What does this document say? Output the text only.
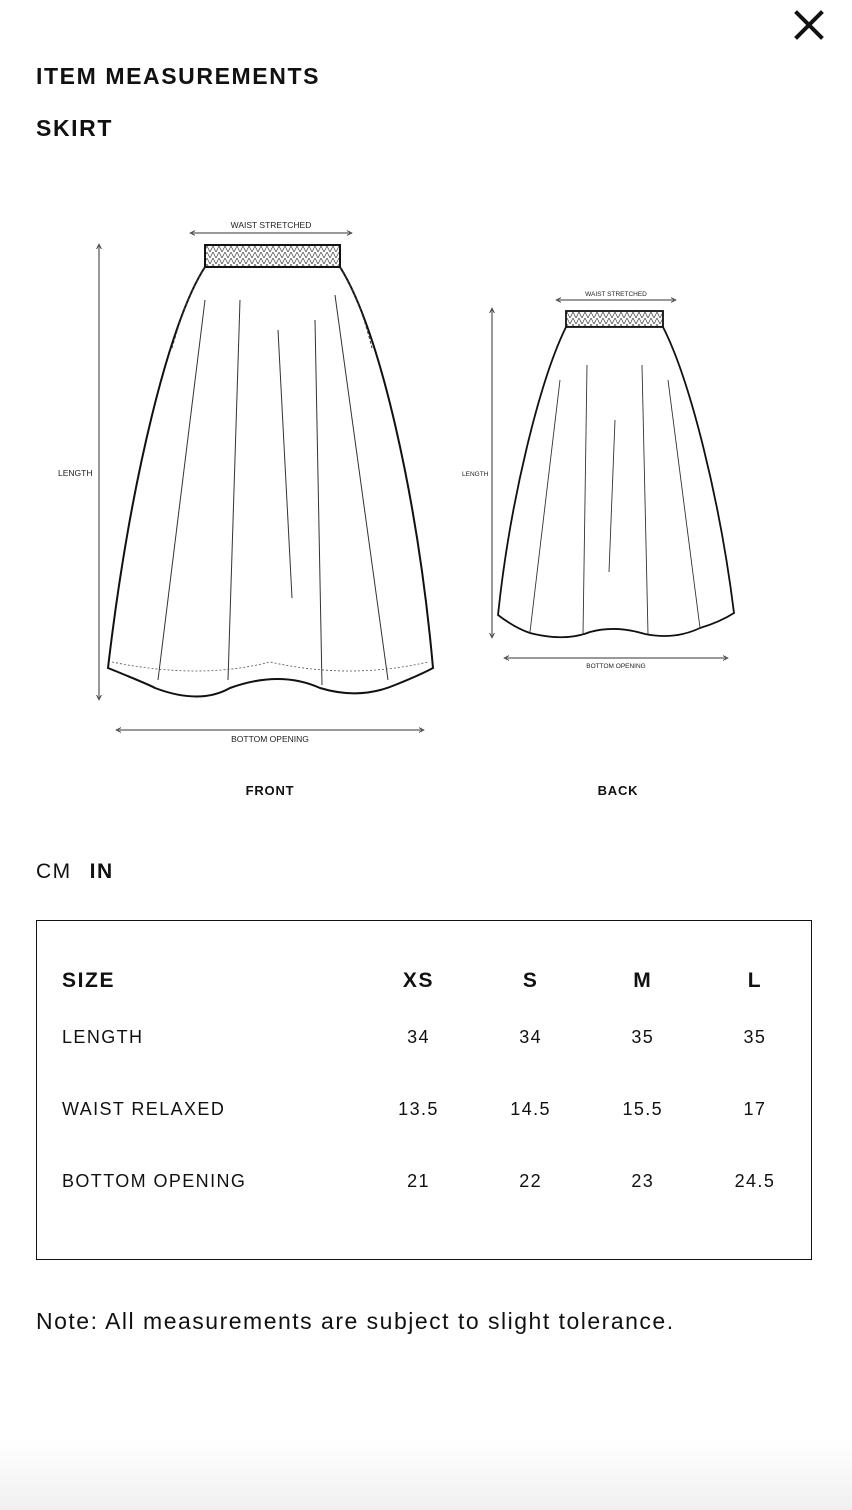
ITEM MEASUREMENTS
SKIRT
WAIST STRETCHED
LENGTH
BOTTOM OPENING
WAIST STRETCHED
LENGTH
BOTTOM OPENING
FRONT	BACK
CM IN
SIZE	XS	S	M	L
LENGTH	34	34	35	35
WAIST RELAXED	13.5	14.5	15.5	17
BOTTOM OPENING	21	22	23	24.5

Note: All measurements are subject to slight tolerance.
